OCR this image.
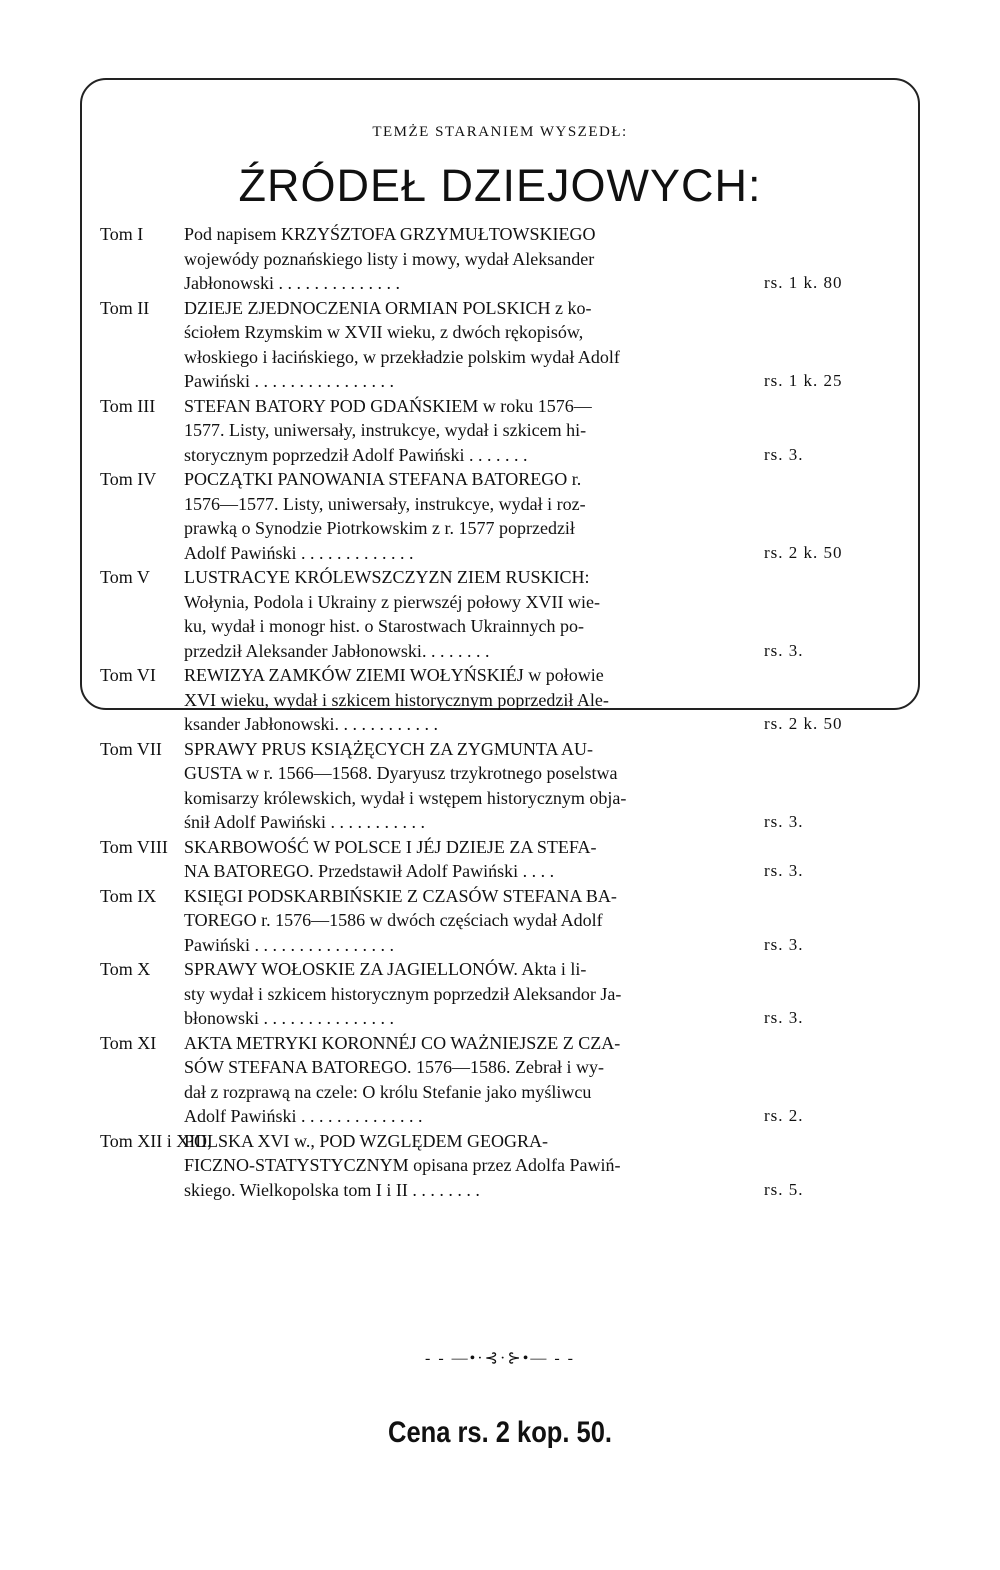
TEMŻE STARANIEM WYSZEDŁ:
ŹRÓDEŁ DZIEJOWYCH:
Tom I Pod napisem KRZYŚZTOFA GRZYMUŁTOWSKIEGO
wojewódy poznańskiego listy i mowy, wydał Aleksander
Jabłonowski . . . . . . . . . . . . . .	rs. 1 k. 80
Tom II DZIEJE ZJEDNOCZENIA ORMIAN POLSKICH z ko-
ściołem Rzymskim w XVII wieku, z dwóch rękopisów,
włoskiego i łacińskiego, w przekładzie polskim wydał Adolf
Pawiński . . . . . . . . . . . . . . . .	rs. 1 k. 25
Tom III STEFAN BATORY POD GDAŃSKIEM w roku 1576—
1577. Listy, uniwersały, instrukcye, wydał i szkicem hi-
storycznym poprzedził Adolf Pawiński . . . . . . .	rs. 3.
Tom IV POCZĄTKI PANOWANIA STEFANA BATOREGO r.
1576—1577. Listy, uniwersały, instrukcye, wydał i roz-
prawką o Synodzie Piotrkowskim z r. 1577 poprzedził
Adolf Pawiński . . . . . . . . . . . . .	rs. 2 k. 50
Tom V LUSTRACYE KRÓLEWSZCZYZN ZIEM RUSKICH:
Wołynia, Podola i Ukrainy z pierwszéj połowy XVII wie-
ku, wydał i monogr hist. o Starostwach Ukrainnych po-
przedził Aleksander Jabłonowski. . . . . . . .	rs. 3.
Tom VI REWIZYA ZAMKÓW ZIEMI WOŁYŃSKIÉJ w połowie
XVI wieku, wydał i szkicem historycznym poprzedził Ale-
ksander Jabłonowski. . . . . . . . . . . .	rs. 2 k. 50
Tom VII SPRAWY PRUS KSIĄŻĘCYCH ZA ZYGMUNTA AU-
GUSTA w r. 1566—1568. Dyaryusz trzykrotnego poselstwa
komisarzy królewskich, wydał i wstępem historycznym obja-
śnił Adolf Pawiński . . . . . . . . . . .	rs. 3.
Tom VIII SKARBOWOŚĆ W POLSCE I JÉJ DZIEJE ZA STEFA-
NA BATOREGO. Przedstawił Adolf Pawiński . . . .	rs. 3.
Tom IX KSIĘGI PODSKARBIŃSKIE Z CZASÓW STEFANA BA-
TOREGO r. 1576—1586 w dwóch częściach wydał Adolf
Pawiński . . . . . . . . . . . . . . . .	rs. 3.
Tom X SPRAWY WOŁOSKIE ZA JAGIELLONÓW. Akta i li-
sty wydał i szkicem historycznym poprzedził Aleksandor Ja-
błonowski . . . . . . . . . . . . . . .	rs. 3.
Tom XI AKTA METRYKI KORONNÉJ CO WAŻNIEJSZE Z CZA-
SÓW STEFANA BATOREGO. 1576—1586. Zebrał i wy-
dał z rozprawą na czele: O królu Stefanie jako myśliwcu
Adolf Pawiński . . . . . . . . . . . . . .	rs. 2.
Tom XII i XIII,
POLSKA XVI w., POD WZGLĘDEM GEOGRA-
FICZNO-STATYSTYCZNYM opisana przez Adolfa Pawiń-
skiego. Wielkopolska tom I i II . . . . . . . .	rs. 5.
- - —•·⊰·⊱•— - -
Cena rs. 2 kop. 50.
